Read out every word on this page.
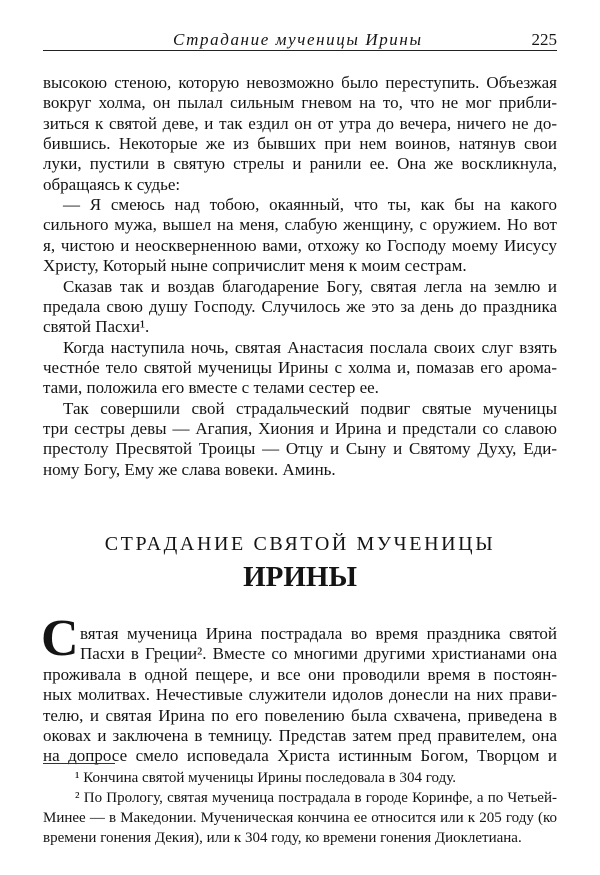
Страдание мученицы Ирины	225
высокою стеною, которую невозможно было переступить. Объезжая
вокруг холма, он пылал сильным гневом на то, что не мог прибли-
зиться к святой деве, и так ездил он от утра до вечера, ничего не до-
бившись. Некоторые же из бывших при нем воинов, натянув свои
луки, пустили в святую стрелы и ранили ее. Она же воскликнула,
обращаясь к судье:
— Я смеюсь над тобою, окаянный, что ты, как бы на какого
сильного мужа, вышел на меня, слабую женщину, с оружием. Но вот
я, чистою и неоскверненною вами, отхожу ко Господу моему Иисусу
Христу, Который ныне сопричислит меня к моим сестрам.
Сказав так и воздав благодарение Богу, святая легла на землю и
предала свою душу Господу. Случилось же это за день до праздника
святой Пасхи¹.
Когда наступила ночь, святая Анастасия послала своих слуг взять
честнóе тело святой мученицы Ирины с холма и, помазав его арома-
тами, положила его вместе с телами сестер ее.
Так совершили свой страдальческий подвиг святые мученицы
три сестры девы — Агапия, Хиония и Ирина и предстали со славою
престолу Пресвятой Троицы — Отцу и Сыну и Святому Духу, Еди-
ному Богу, Ему же слава вовеки. Аминь.
СТРАДАНИЕ СВЯТОЙ МУЧЕНИЦЫ
ИРИНЫ
С вятая мученица Ирина пострадала во время праздника святой
Пасхи в Греции². Вместе со многими другими христианами она
проживала в одной пещере, и все они проводили время в постоян-
ных молитвах. Нечестивые служители идолов донесли на них прави-
телю, и святая Ирина по его повелению была схвачена, приведена в
оковах и заключена в темницу. Представ затем пред правителем, она
на допросе смело исповедала Христа истинным Богом, Творцом и
¹ Кончина святой мученицы Ирины последовала в 304 году.
² По Прологу, святая мученица пострадала в городе Коринфе, а по Четьей-
Минее — в Македонии. Мученическая кончина ее относится или к 205 году (ко
времени гонения Декия), или к 304 году, ко времени гонения Диоклетиана.
